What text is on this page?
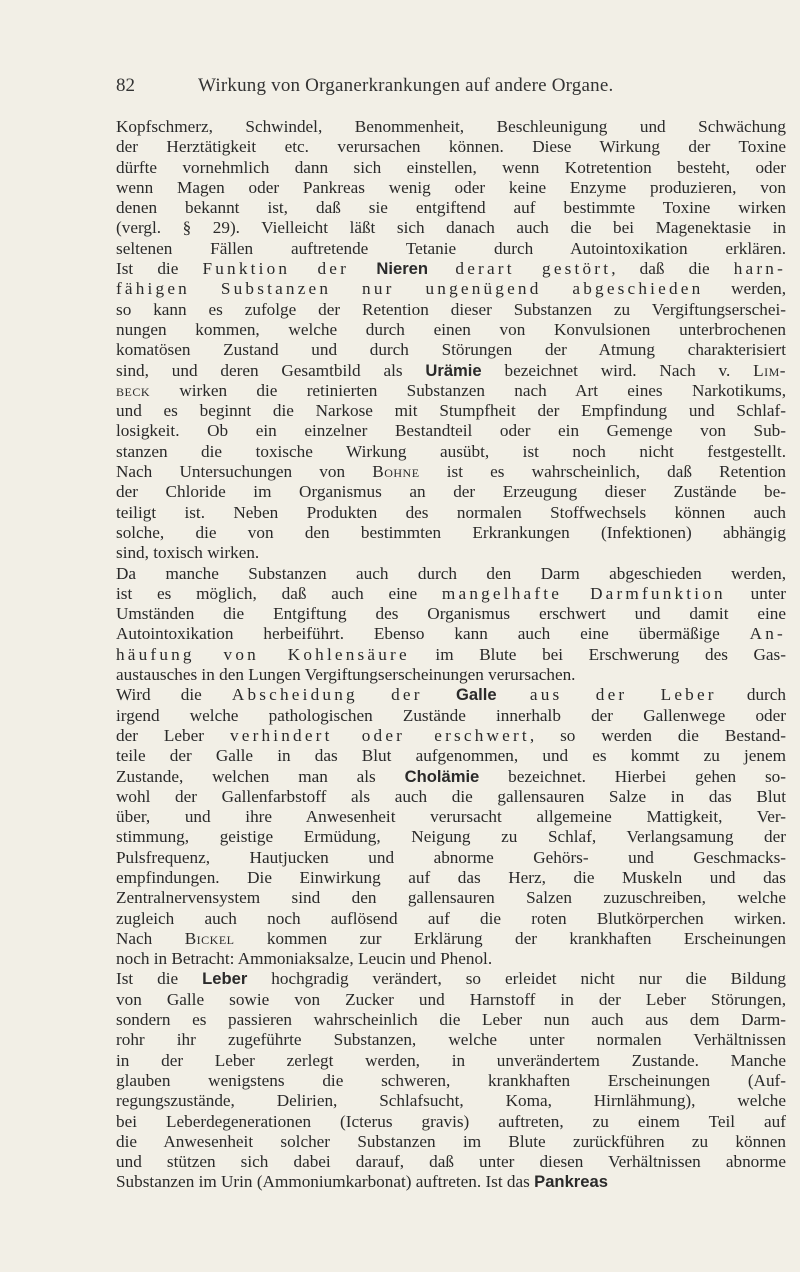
82	Wirkung von Organerkrankungen auf andere Organe.

Kopfschmerz, Schwindel, Benommenheit, Beschleunigung und Schwächung

der Herztätigkeit etc. verursachen können. Diese Wirkung der Toxine

dürfte vornehmlich dann sich einstellen, wenn Kotretention besteht, oder

wenn Magen oder Pankreas wenig oder keine Enzyme produzieren, von

denen bekannt ist, daß sie entgiftend auf bestimmte Toxine wirken

(vergl. § 29). Vielleicht läßt sich danach auch die bei Magenektasie in

seltenen Fällen auftretende Tetanie durch Autointoxikation erklären.

Ist die Funktion der Nieren derart gestört, daß die harn-

fähigen Substanzen nur ungenügend abgeschieden werden,

so kann es zufolge der Retention dieser Substanzen zu Vergiftungserschei-

nungen kommen, welche durch einen von Konvulsionen unterbrochenen

komatösen Zustand und durch Störungen der Atmung charakterisiert

sind, und deren Gesamtbild als Urämie bezeichnet wird. Nach v. Lim-

beck wirken die retinierten Substanzen nach Art eines Narkotikums,

und es beginnt die Narkose mit Stumpfheit der Empfindung und Schlaf-

losigkeit. Ob ein einzelner Bestandteil oder ein Gemenge von Sub-

stanzen die toxische Wirkung ausübt, ist noch nicht festgestellt.

Nach Untersuchungen von Bohne ist es wahrscheinlich, daß Retention

der Chloride im Organismus an der Erzeugung dieser Zustände be-

teiligt ist. Neben Produkten des normalen Stoffwechsels können auch

solche, die von den bestimmten Erkrankungen (Infektionen) abhängig

sind, toxisch wirken.

Da manche Substanzen auch durch den Darm abgeschieden werden,

ist es möglich, daß auch eine mangelhafte Darmfunktion unter

Umständen die Entgiftung des Organismus erschwert und damit eine

Autointoxikation herbeiführt. Ebenso kann auch eine übermäßige An-

häufung von Kohlensäure im Blute bei Erschwerung des Gas-

austausches in den Lungen Vergiftungserscheinungen verursachen.

Wird die Abscheidung der Galle aus der Leber durch

irgend welche pathologischen Zustände innerhalb der Gallenwege oder

der Leber verhindert oder erschwert, so werden die Bestand-

teile der Galle in das Blut aufgenommen, und es kommt zu jenem

Zustande, welchen man als Cholämie bezeichnet. Hierbei gehen so-

wohl der Gallenfarbstoff als auch die gallensauren Salze in das Blut

über, und ihre Anwesenheit verursacht allgemeine Mattigkeit, Ver-

stimmung, geistige Ermüdung, Neigung zu Schlaf, Verlangsamung der

Pulsfrequenz, Hautjucken und abnorme Gehörs- und Geschmacks-

empfindungen. Die Einwirkung auf das Herz, die Muskeln und das

Zentralnervensystem sind den gallensauren Salzen zuzuschreiben, welche

zugleich auch noch auflösend auf die roten Blutkörperchen wirken.

Nach Bickel kommen zur Erklärung der krankhaften Erscheinungen

noch in Betracht: Ammoniaksalze, Leucin und Phenol.

Ist die Leber hochgradig verändert, so erleidet nicht nur die Bildung

von Galle sowie von Zucker und Harnstoff in der Leber Störungen,

sondern es passieren wahrscheinlich die Leber nun auch aus dem Darm-

rohr ihr zugeführte Substanzen, welche unter normalen Verhältnissen

in der Leber zerlegt werden, in unverändertem Zustande. Manche

glauben wenigstens die schweren, krankhaften Erscheinungen (Auf-

regungszustände, Delirien, Schlafsucht, Koma, Hirnlähmung), welche

bei Leberdegenerationen (Icterus gravis) auftreten, zu einem Teil auf

die Anwesenheit solcher Substanzen im Blute zurückführen zu können

und stützen sich dabei darauf, daß unter diesen Verhältnissen abnorme

Substanzen im Urin (Ammoniumkarbonat) auftreten. Ist das Pankreas
